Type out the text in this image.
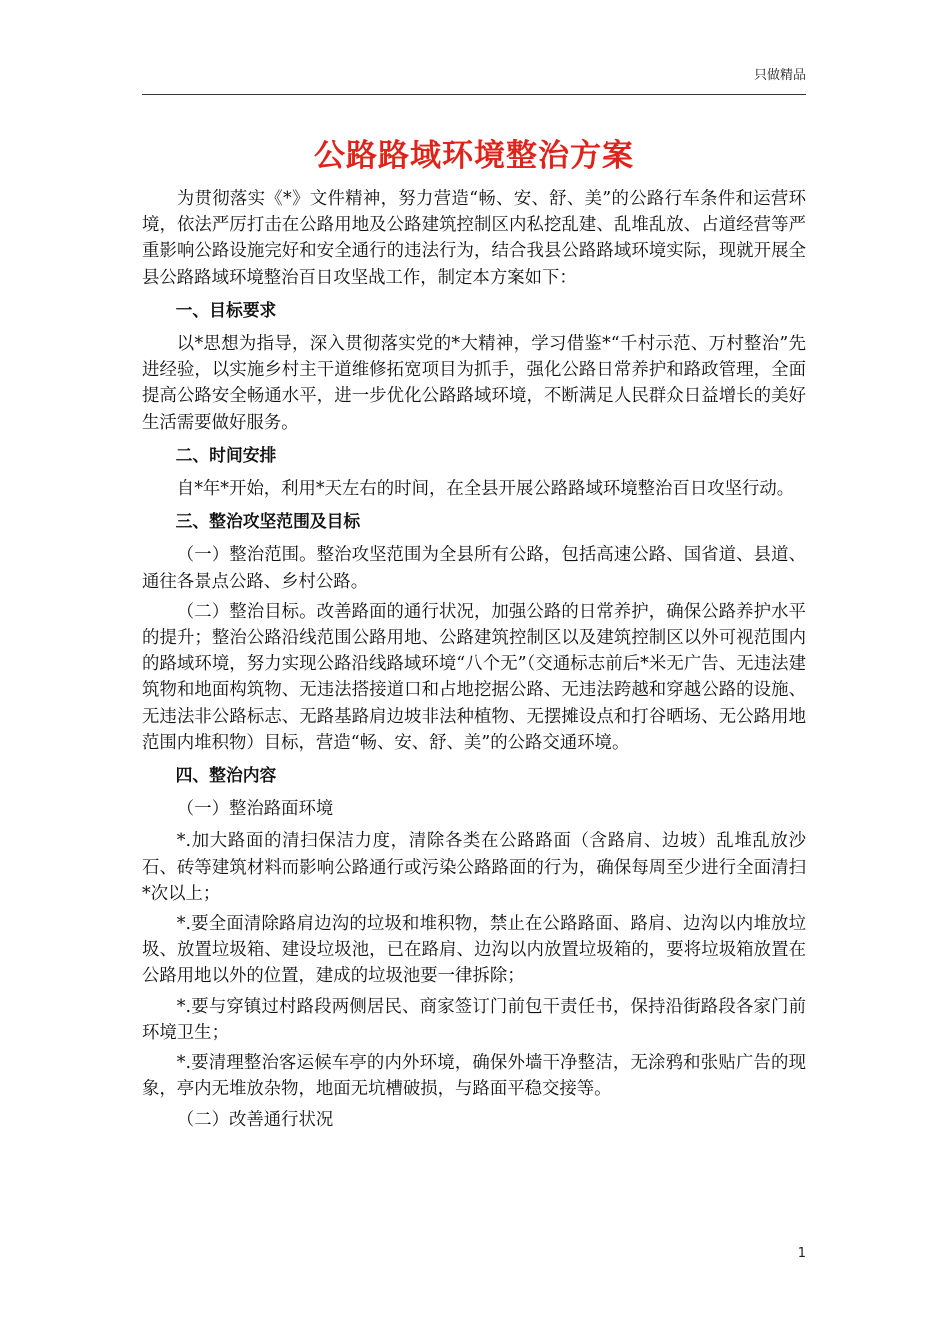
只做精品
公路路域环境整治方案

为贯彻落实《*》文件精神，努力营造“畅、安、舒、美”的公路行车条件和运营环境，依法严厉打击在公路用地及公路建筑控制区内私挖乱建、乱堆乱放、占道经营等严重影响公路设施完好和安全通行的违法行为，结合我县公路路域环境实际，现就开展全县公路路域环境整治百日攻坚战工作，制定本方案如下：

一、目标要求

以*思想为指导，深入贯彻落实党的*大精神，学习借鉴*“千村示范、万村整治”先进经验，以实施乡村主干道维修拓宽项目为抓手，强化公路日常养护和路政管理，全面提高公路安全畅通水平，进一步优化公路路域环境，不断满足人民群众日益增长的美好生活需要做好服务。

二、时间安排

自*年*开始，利用*天左右的时间，在全县开展公路路域环境整治百日攻坚行动。

三、整治攻坚范围及目标

（一）整治范围。整治攻坚范围为全县所有公路，包括高速公路、国省道、县道、通往各景点公路、乡村公路。

（二）整治目标。改善路面的通行状况，加强公路的日常养护，确保公路养护水平的提升；整治公路沿线范围公路用地、公路建筑控制区以及建筑控制区以外可视范围内的路域环境，努力实现公路沿线路域环境“八个无”（交通标志前后*米无广告、无违法建筑物和地面构筑物、无违法搭接道口和占地挖据公路、无违法跨越和穿越公路的设施、无违法非公路标志、无路基路肩边坡非法种植物、无摆摊设点和打谷晒场、无公路用地范围内堆积物）目标，营造“畅、安、舒、美”的公路交通环境。

四、整治内容

（一）整治路面环境

*.加大路面的清扫保洁力度，清除各类在公路路面（含路肩、边坡）乱堆乱放沙石、砖等建筑材料而影响公路通行或污染公路路面的行为，确保每周至少进行全面清扫*次以上；

*.要全面清除路肩边沟的垃圾和堆积物，禁止在公路路面、路肩、边沟以内堆放垃圾、放置垃圾箱、建设垃圾池，已在路肩、边沟以内放置垃圾箱的，要将垃圾箱放置在公路用地以外的位置，建成的垃圾池要一律拆除；

*.要与穿镇过村路段两侧居民、商家签订门前包干责任书，保持沿街路段各家门前环境卫生；

*.要清理整治客运候车亭的内外环境，确保外墙干净整洁，无涂鸦和张贴广告的现象，亭内无堆放杂物，地面无坑槽破损，与路面平稳交接等。

（二）改善通行状况

1
